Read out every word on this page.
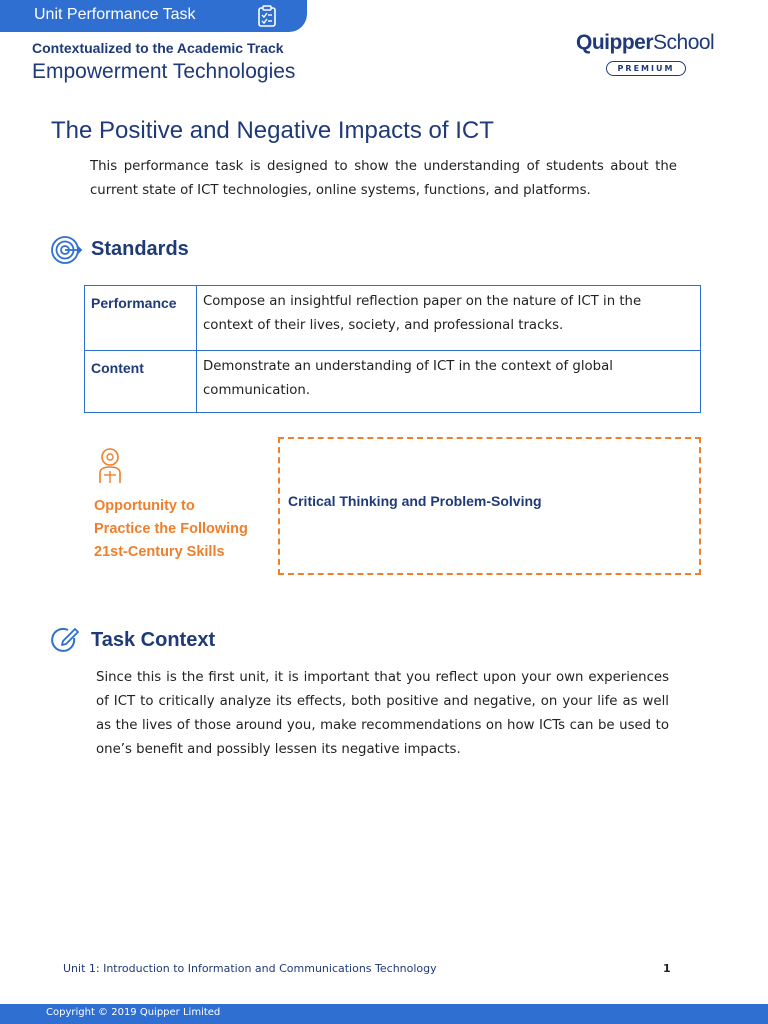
Unit Performance Task
Contextualized to the Academic Track
Empowerment Technologies
QuipperSchool
PREMIUM
The Positive and Negative Impacts of ICT

This performance task is designed to show the understanding of students about the current state of ICT technologies, online systems, functions, and platforms.

Standards
Performance	Compose an insightful reflection paper on the nature of ICT in the context of their lives, society, and professional tracks.
Content	Demonstrate an understanding of ICT in the context of global communication.
Opportunity to
Practice the Following
21st-Century Skills
Critical Thinking and Problem-Solving
Task Context

Since this is the first unit, it is important that you reflect upon your own experiences of ICT to critically analyze its effects, both positive and negative, on your life as well as the lives of those around you, make recommendations on how ICTs can be used to one’s benefit and possibly lessen its negative impacts.

Unit 1: Introduction to Information and Communications Technology	1
Copyright © 2019 Quipper Limited
